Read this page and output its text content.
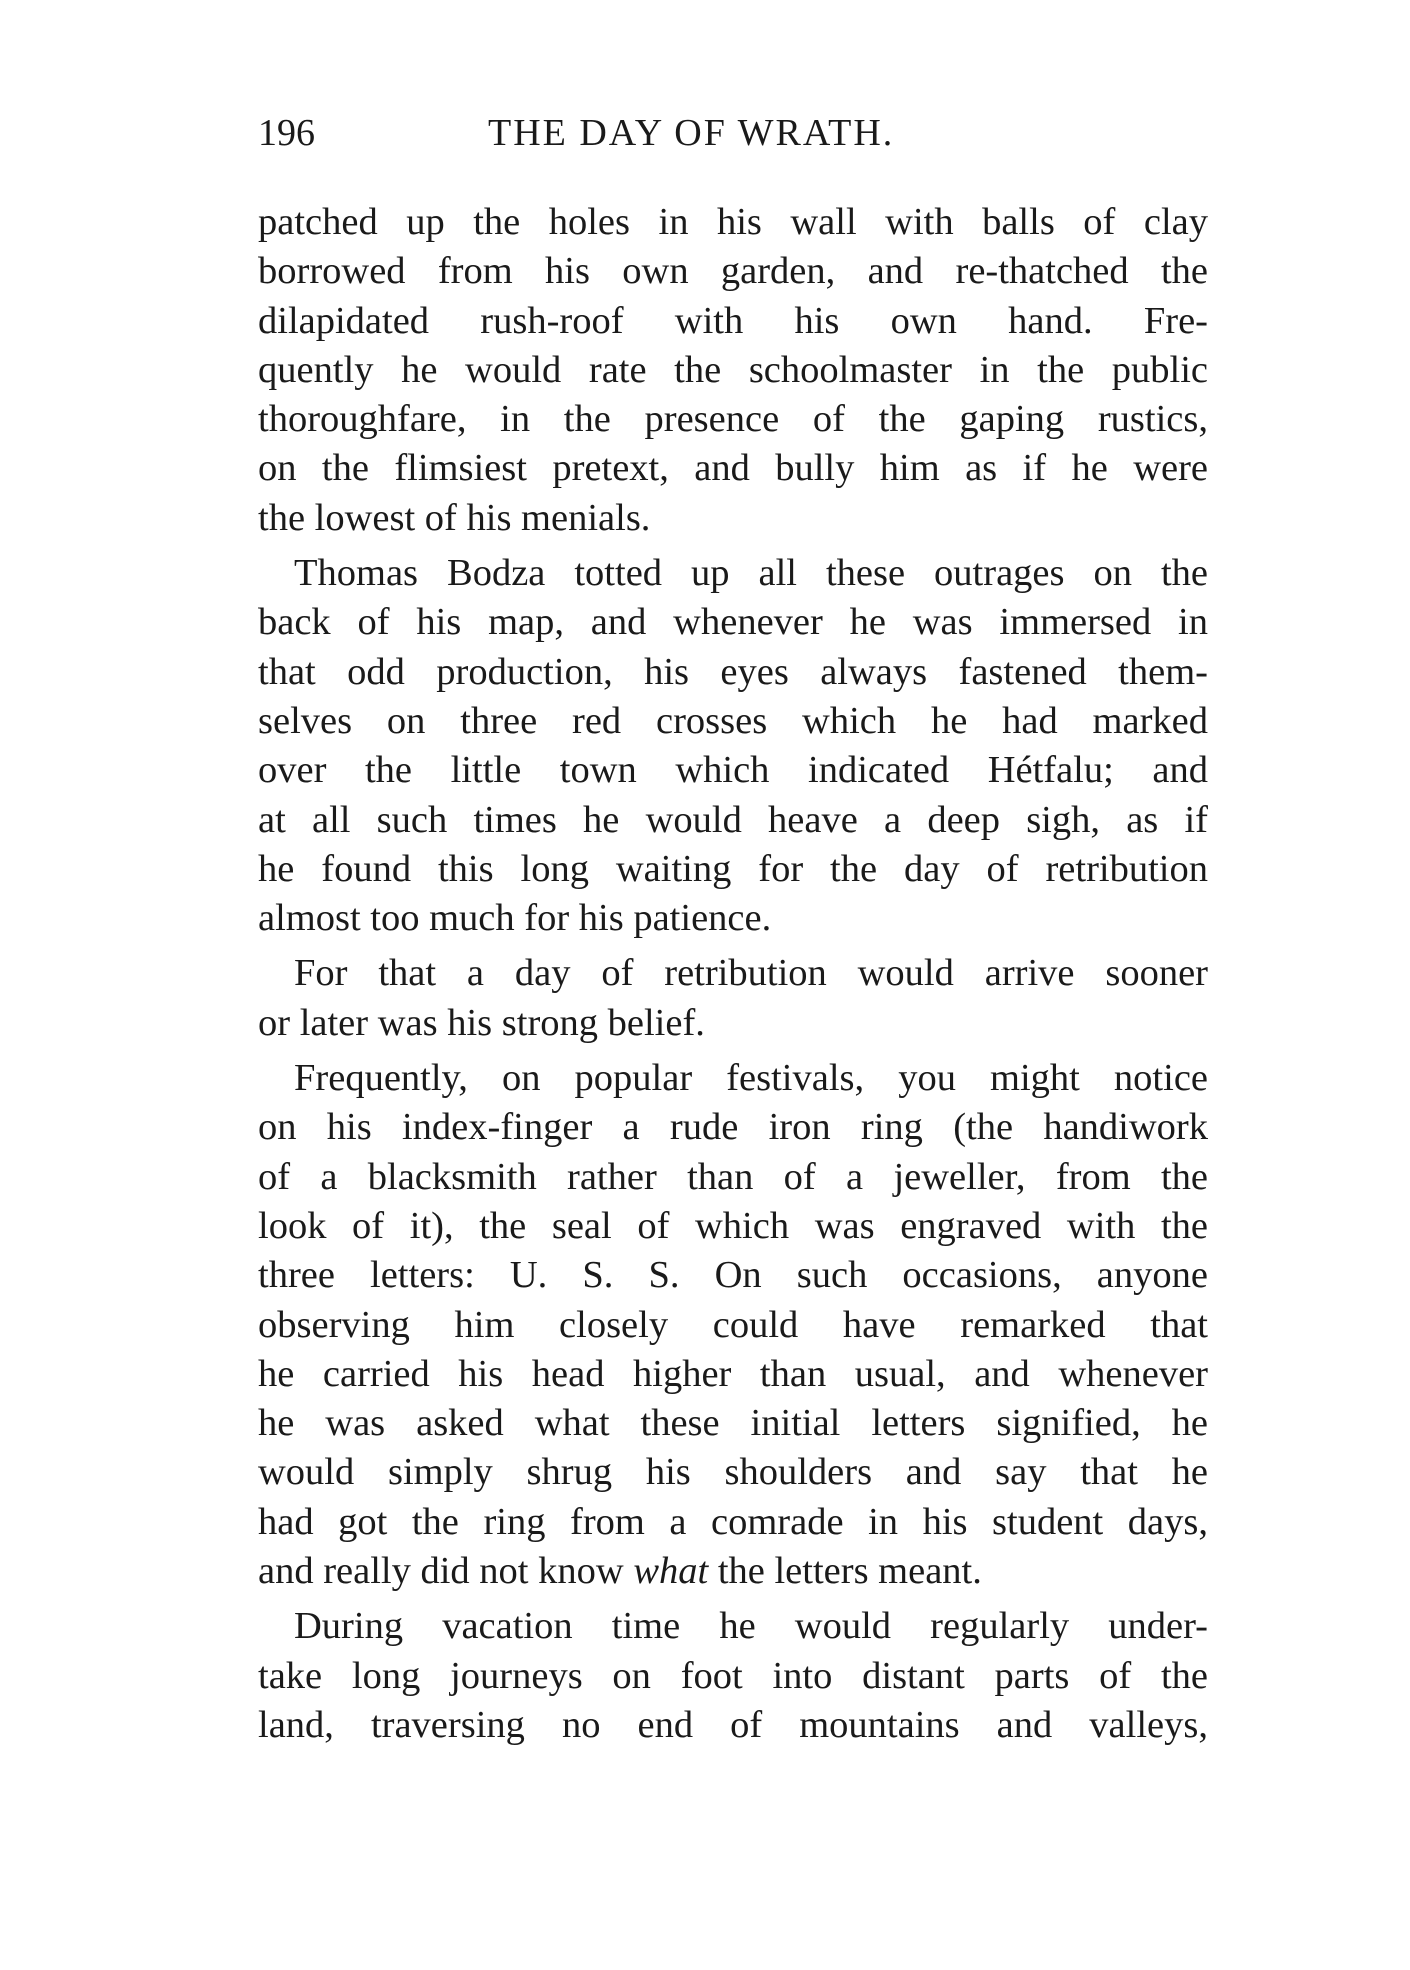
196	THE DAY OF WRATH.
patched up the holes in his wall with balls of clay
borrowed from his own garden, and re-thatched the
dilapidated rush-roof with his own hand. Fre-
quently he would rate the schoolmaster in the public
thoroughfare, in the presence of the gaping rustics,
on the flimsiest pretext, and bully him as if he were
the lowest of his menials.
Thomas Bodza totted up all these outrages on the
back of his map, and whenever he was immersed in
that odd production, his eyes always fastened them-
selves on three red crosses which he had marked
over the little town which indicated Hétfalu; and
at all such times he would heave a deep sigh, as if
he found this long waiting for the day of retribution
almost too much for his patience.
For that a day of retribution would arrive sooner
or later was his strong belief.
Frequently, on popular festivals, you might notice
on his index-finger a rude iron ring (the handiwork
of a blacksmith rather than of a jeweller, from the
look of it), the seal of which was engraved with the
three letters: U. S. S. On such occasions, anyone
observing him closely could have remarked that
he carried his head higher than usual, and whenever
he was asked what these initial letters signified, he
would simply shrug his shoulders and say that he
had got the ring from a comrade in his student days,
and really did not know what the letters meant.
During vacation time he would regularly under-
take long journeys on foot into distant parts of the
land, traversing no end of mountains and valleys,
